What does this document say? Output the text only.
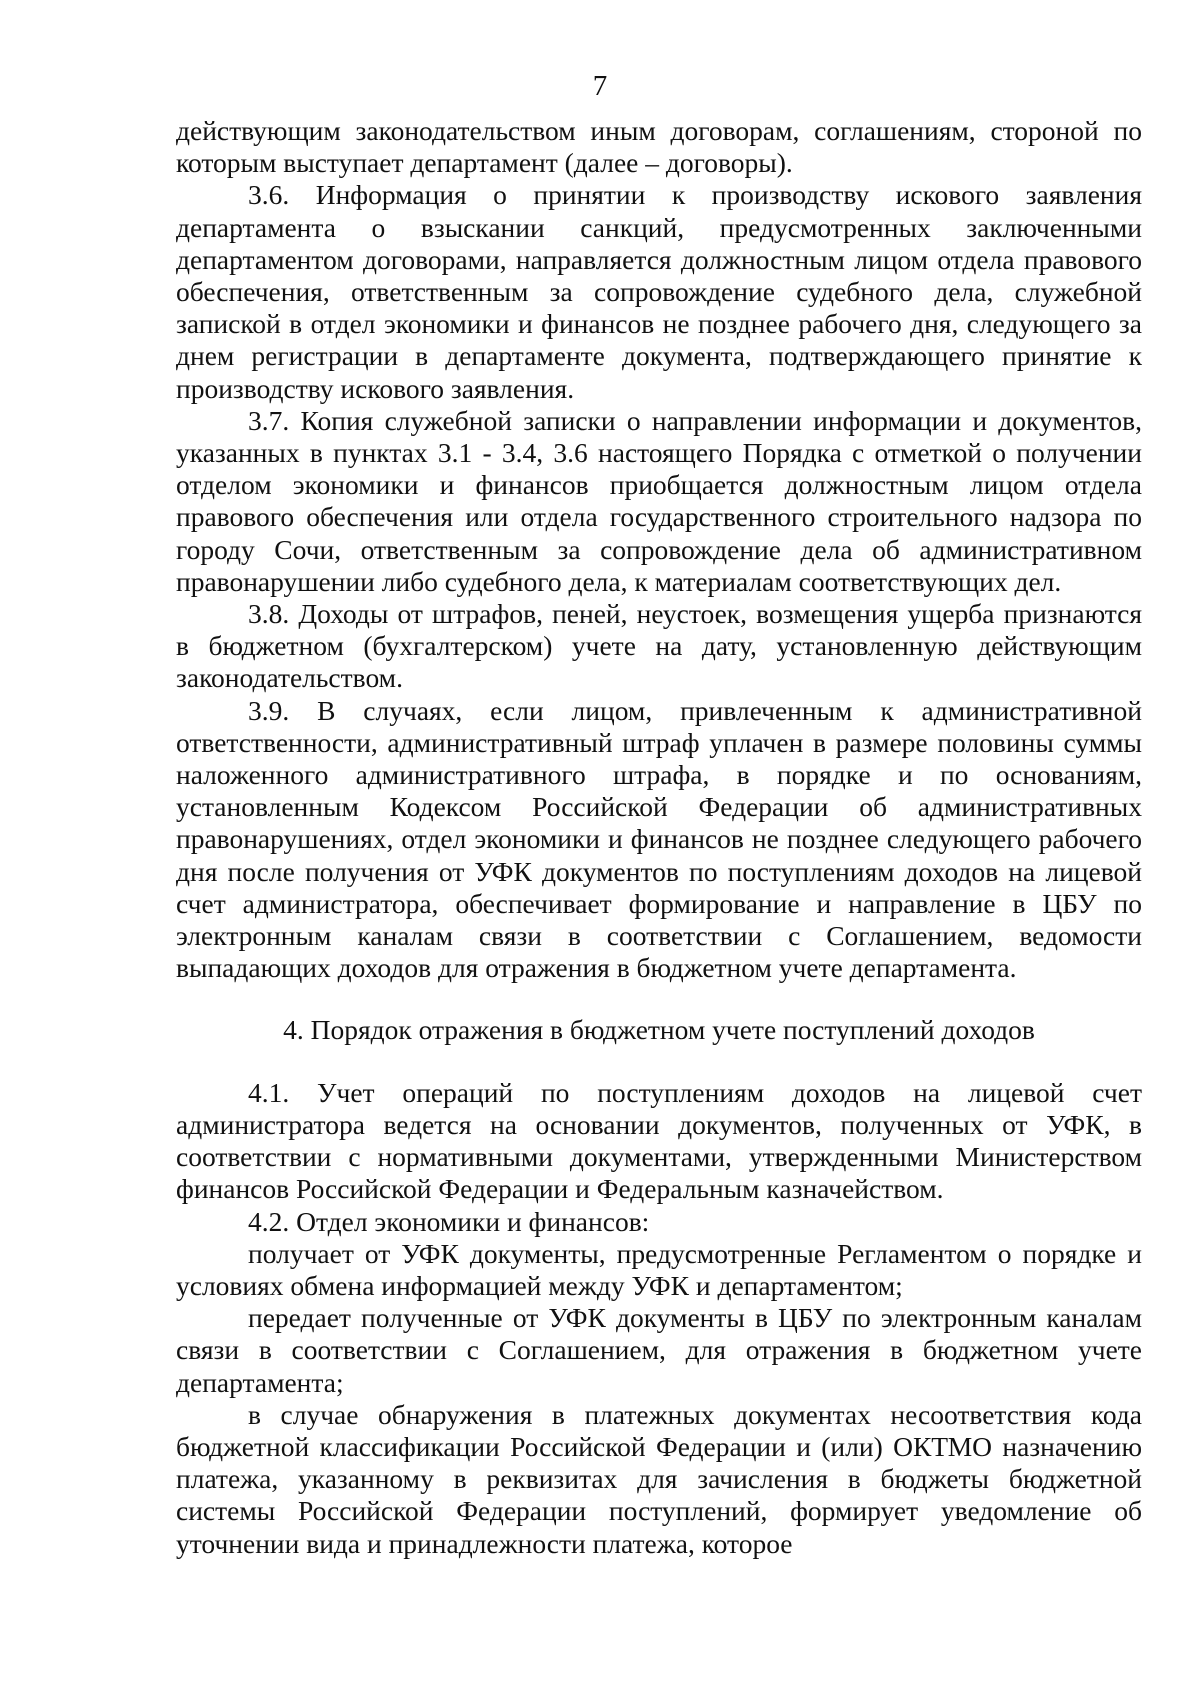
7

действующим законодательством иным договорам, соглашениям, стороной по которым выступает департамент (далее – договоры).

3.6. Информация о принятии к производству искового заявления департамента о взыскании санкций, предусмотренных заключенными департаментом договорами, направляется должностным лицом отдела правового обеспечения, ответственным за сопровождение судебного дела, служебной запиской в отдел экономики и финансов не позднее рабочего дня, следующего за днем регистрации в департаменте документа, подтверждающего принятие к производству искового заявления.

3.7. Копия служебной записки о направлении информации и документов, указанных в пунктах 3.1 - 3.4, 3.6 настоящего Порядка с отметкой о получении отделом экономики и финансов приобщается должностным лицом отдела правового обеспечения или отдела государственного строительного надзора по городу Сочи, ответственным за сопровождение дела об административном правонарушении либо судебного дела, к материалам соответствующих дел.

3.8. Доходы от штрафов, пеней, неустоек, возмещения ущерба признаются в бюджетном (бухгалтерском) учете на дату, установленную действующим законодательством.

3.9. В случаях, если лицом, привлеченным к административной ответственности, административный штраф уплачен в размере половины суммы наложенного административного штрафа, в порядке и по основаниям, установленным Кодексом Российской Федерации об административных правонарушениях, отдел экономики и финансов не позднее следующего рабочего дня после получения от УФК документов по поступлениям доходов на лицевой счет администратора, обеспечивает формирование и направление в ЦБУ по электронным каналам связи в соответствии с Соглашением, ведомости выпадающих доходов для отражения в бюджетном учете департамента.

4. Порядок отражения в бюджетном учете поступлений доходов

4.1. Учет операций по поступлениям доходов на лицевой счет администратора ведется на основании документов, полученных от УФК, в соответствии с нормативными документами, утвержденными Министерством финансов Российской Федерации и Федеральным казначейством.

4.2. Отдел экономики и финансов:

получает от УФК документы, предусмотренные Регламентом о порядке и условиях обмена информацией между УФК и департаментом;

передает полученные от УФК документы в ЦБУ по электронным каналам связи в соответствии с Соглашением, для отражения в бюджетном учете департамента;

в случае обнаружения в платежных документах несоответствия кода бюджетной классификации Российской Федерации и (или) ОКТМО назначению платежа, указанному в реквизитах для зачисления в бюджеты бюджетной системы Российской Федерации поступлений, формирует уведомление об уточнении вида и принадлежности платежа, которое
